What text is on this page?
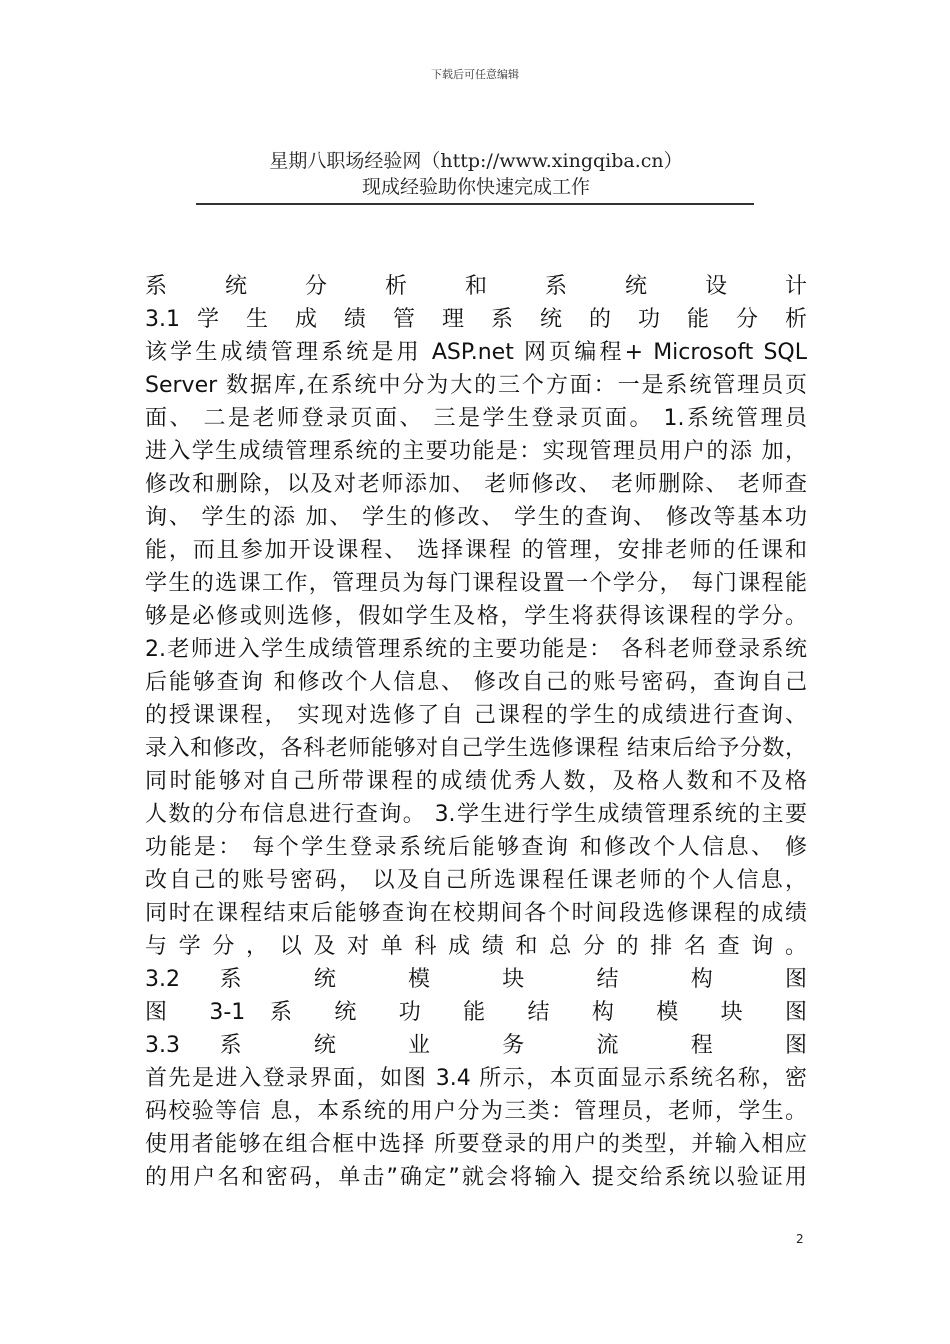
下载后可任意编辑
星期八职场经验网（http://www.xingqiba.cn）
现成经验助你快速完成工作
系 统 分 析 和 系 统 设 计
3.1 学 生 成 绩 管 理 系 统 的 功 能 分 析
该学生成绩管理系统是用 ASP.net 网页编程+ Microsoft SQL
Server 数据库,在系统中分为大的三个方面：一是系统管理员页
面、 二是老师登录页面、 三是学生登录页面。 1.系统管理员
进入学生成绩管理系统的主要功能是：实现管理员用户的添 加，
修改和删除，以及对老师添加、 老师修改、 老师删除、 老师查
询、 学生的添 加、 学生的修改、 学生的查询、 修改等基本功
能，而且参加开设课程、 选择课程 的管理，安排老师的任课和
学生的选课工作，管理员为每门课程设置一个学分， 每门课程能
够是必修或则选修，假如学生及格，学生将获得该课程的学分。
2.老师进入学生成绩管理系统的主要功能是： 各科老师登录系统
后能够查询 和修改个人信息、 修改自己的账号密码，查询自己
的授课课程， 实现对选修了自 己课程的学生的成绩进行查询、
录入和修改，各科老师能够对自己学生选修课程 结束后给予分数，
同时能够对自己所带课程的成绩优秀人数，及格人数和不及格
人数的分布信息进行查询。 3.学生进行学生成绩管理系统的主要
功能是： 每个学生登录系统后能够查询 和修改个人信息、 修
改自己的账号密码， 以及自己所选课程任课老师的个人信息，
同时在课程结束后能够查询在校期间各个时间段选修课程的成绩
与 学 分 ， 以 及 对 单 科 成 绩 和 总 分 的 排 名 查 询 。
3.2 系 统 模 块 结 构 图
图 3-1 系 统 功 能 结 构 模 块 图
3.3 系 统 业 务 流 程 图
首先是进入登录界面，如图 3.4 所示，本页面显示系统名称，密
码校验等信 息，本系统的用户分为三类：管理员，老师，学生。
使用者能够在组合框中选择 所要登录的用户的类型，并输入相应
的用户名和密码，单击”确定”就会将输入 提交给系统以验证用
2
